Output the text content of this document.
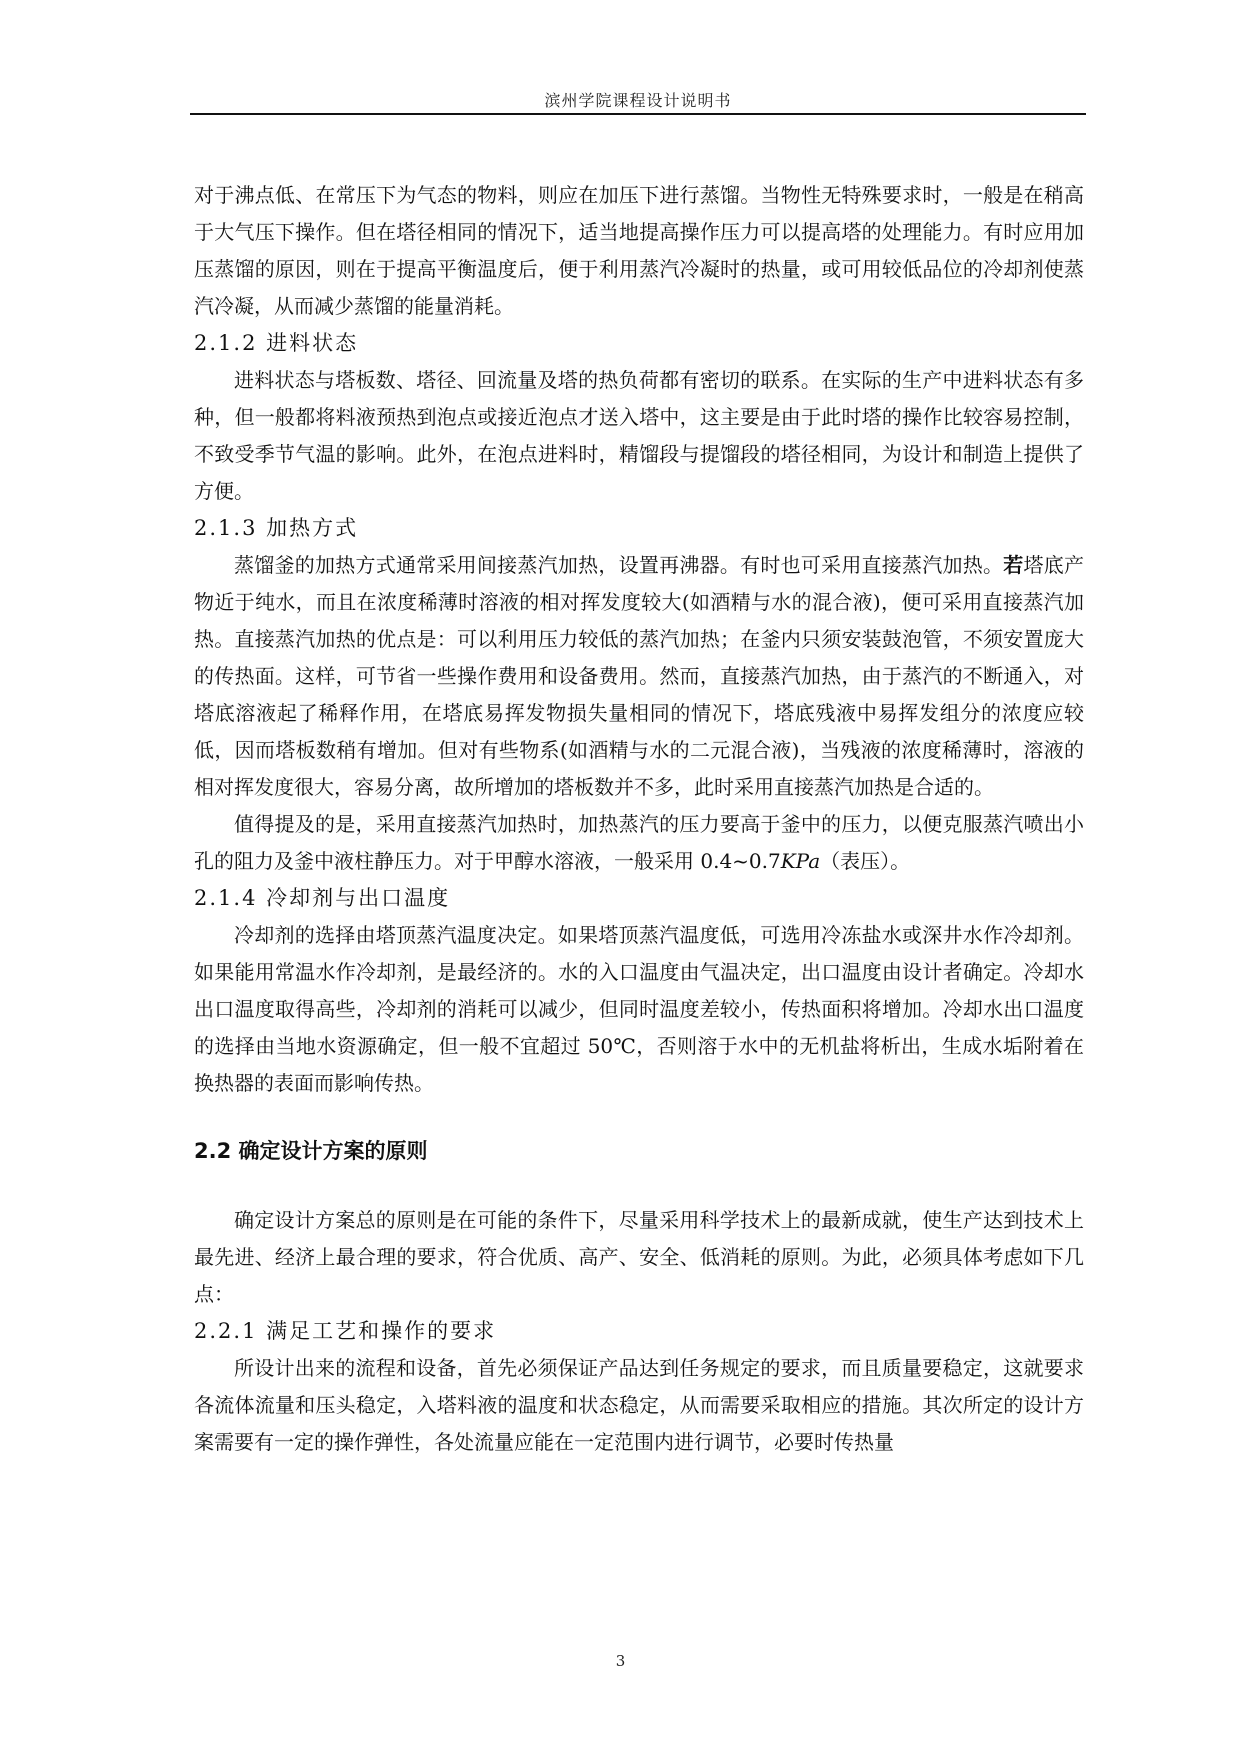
滨州学院课程设计说明书

对于沸点低、在常压下为气态的物料，则应在加压下进行蒸馏。当物性无特殊要求时，一般是在稍高于大气压下操作。但在塔径相同的情况下，适当地提高操作压力可以提高塔的处理能力。有时应用加压蒸馏的原因，则在于提高平衡温度后，便于利用蒸汽冷凝时的热量，或可用较低品位的冷却剂使蒸汽冷凝，从而减少蒸馏的能量消耗。

2.1.2 进料状态

进料状态与塔板数、塔径、回流量及塔的热负荷都有密切的联系。在实际的生产中进料状态有多种，但一般都将料液预热到泡点或接近泡点才送入塔中，这主要是由于此时塔的操作比较容易控制，不致受季节气温的影响。此外，在泡点进料时，精馏段与提馏段的塔径相同，为设计和制造上提供了方便。

2.1.3 加热方式

蒸馏釜的加热方式通常采用间接蒸汽加热，设置再沸器。有时也可采用直接蒸汽加热。若塔底产物近于纯水，而且在浓度稀薄时溶液的相对挥发度较大(如酒精与水的混合液)，便可采用直接蒸汽加热。直接蒸汽加热的优点是：可以利用压力较低的蒸汽加热；在釜内只须安装鼓泡管，不须安置庞大的传热面。这样，可节省一些操作费用和设备费用。然而，直接蒸汽加热，由于蒸汽的不断通入，对塔底溶液起了稀释作用，在塔底易挥发物损失量相同的情况下，塔底残液中易挥发组分的浓度应较低，因而塔板数稍有增加。但对有些物系(如酒精与水的二元混合液)，当残液的浓度稀薄时，溶液的相对挥发度很大，容易分离，故所增加的塔板数并不多，此时采用直接蒸汽加热是合适的。

值得提及的是，采用直接蒸汽加热时，加热蒸汽的压力要高于釜中的压力，以便克服蒸汽喷出小孔的阻力及釜中液柱静压力。对于甲醇水溶液，一般采用 0.4~0.7KPa（表压）。

2.1.4 冷却剂与出口温度

冷却剂的选择由塔顶蒸汽温度决定。如果塔顶蒸汽温度低，可选用冷冻盐水或深井水作冷却剂。如果能用常温水作冷却剂，是最经济的。水的入口温度由气温决定，出口温度由设计者确定。冷却水出口温度取得高些，冷却剂的消耗可以减少，但同时温度差较小，传热面积将增加。冷却水出口温度的选择由当地水资源确定，但一般不宜超过 50℃，否则溶于水中的无机盐将析出，生成水垢附着在换热器的表面而影响传热。

2.2 确定设计方案的原则

确定设计方案总的原则是在可能的条件下，尽量采用科学技术上的最新成就，使生产达到技术上最先进、经济上最合理的要求，符合优质、高产、安全、低消耗的原则。为此，必须具体考虑如下几点：

2.2.1 满足工艺和操作的要求

所设计出来的流程和设备，首先必须保证产品达到任务规定的要求，而且质量要稳定，这就要求各流体流量和压头稳定，入塔料液的温度和状态稳定，从而需要采取相应的措施。其次所定的设计方案需要有一定的操作弹性，各处流量应能在一定范围内进行调节，必要时传热量

3
